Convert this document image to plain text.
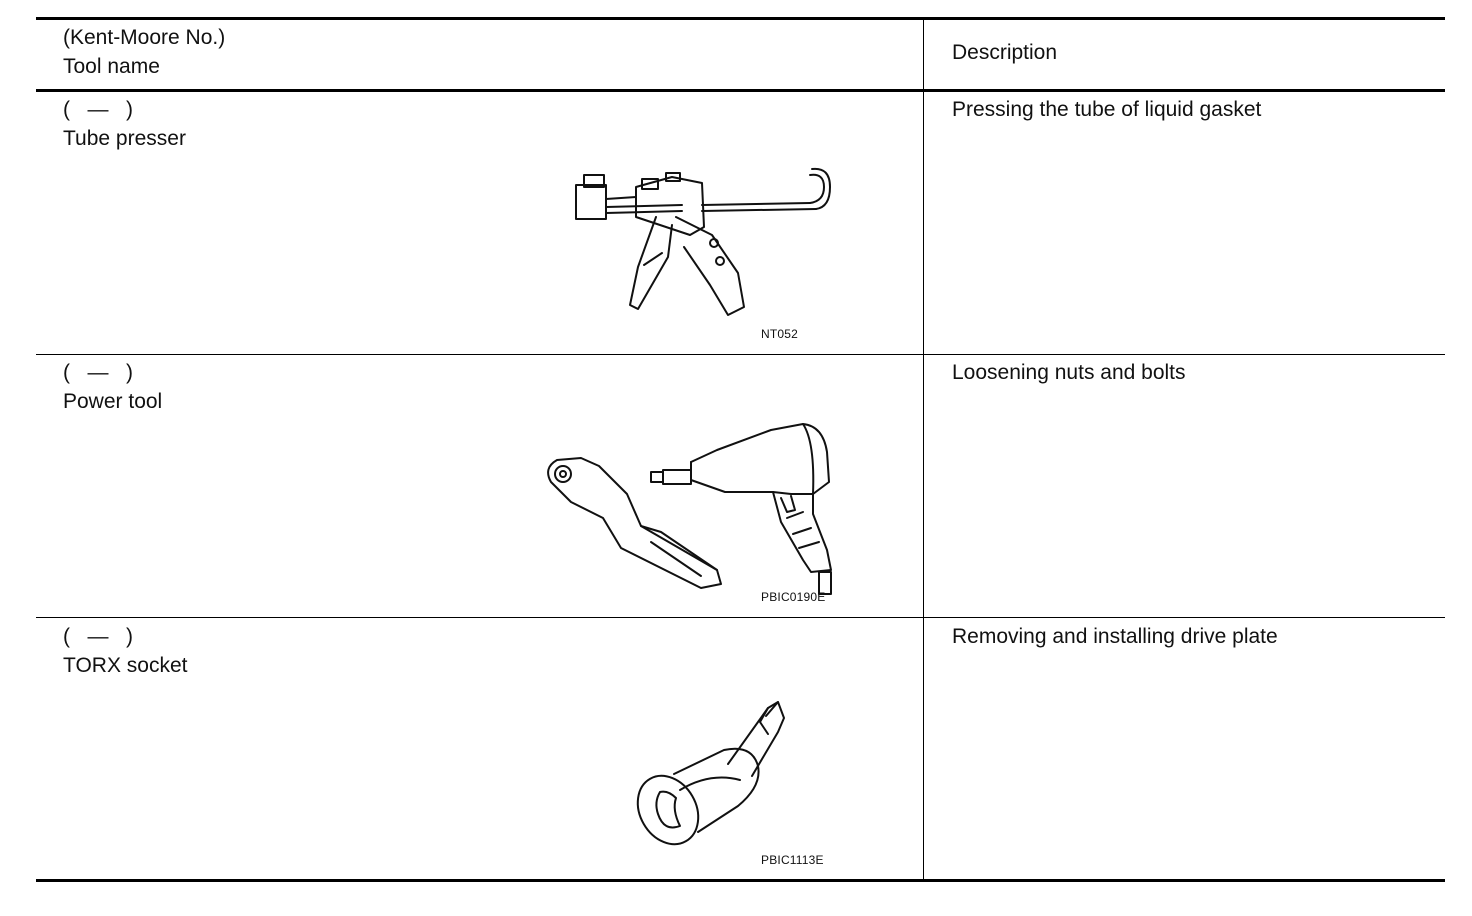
(Kent-Moore No.)
Tool name
Description
(   —   )
Tube presser
Pressing the tube of liquid gasket
NT052
(   —   )
Power tool
Loosening nuts and bolts
PBIC0190E
(   —   )
TORX socket
Removing and installing drive plate
PBIC1113E
